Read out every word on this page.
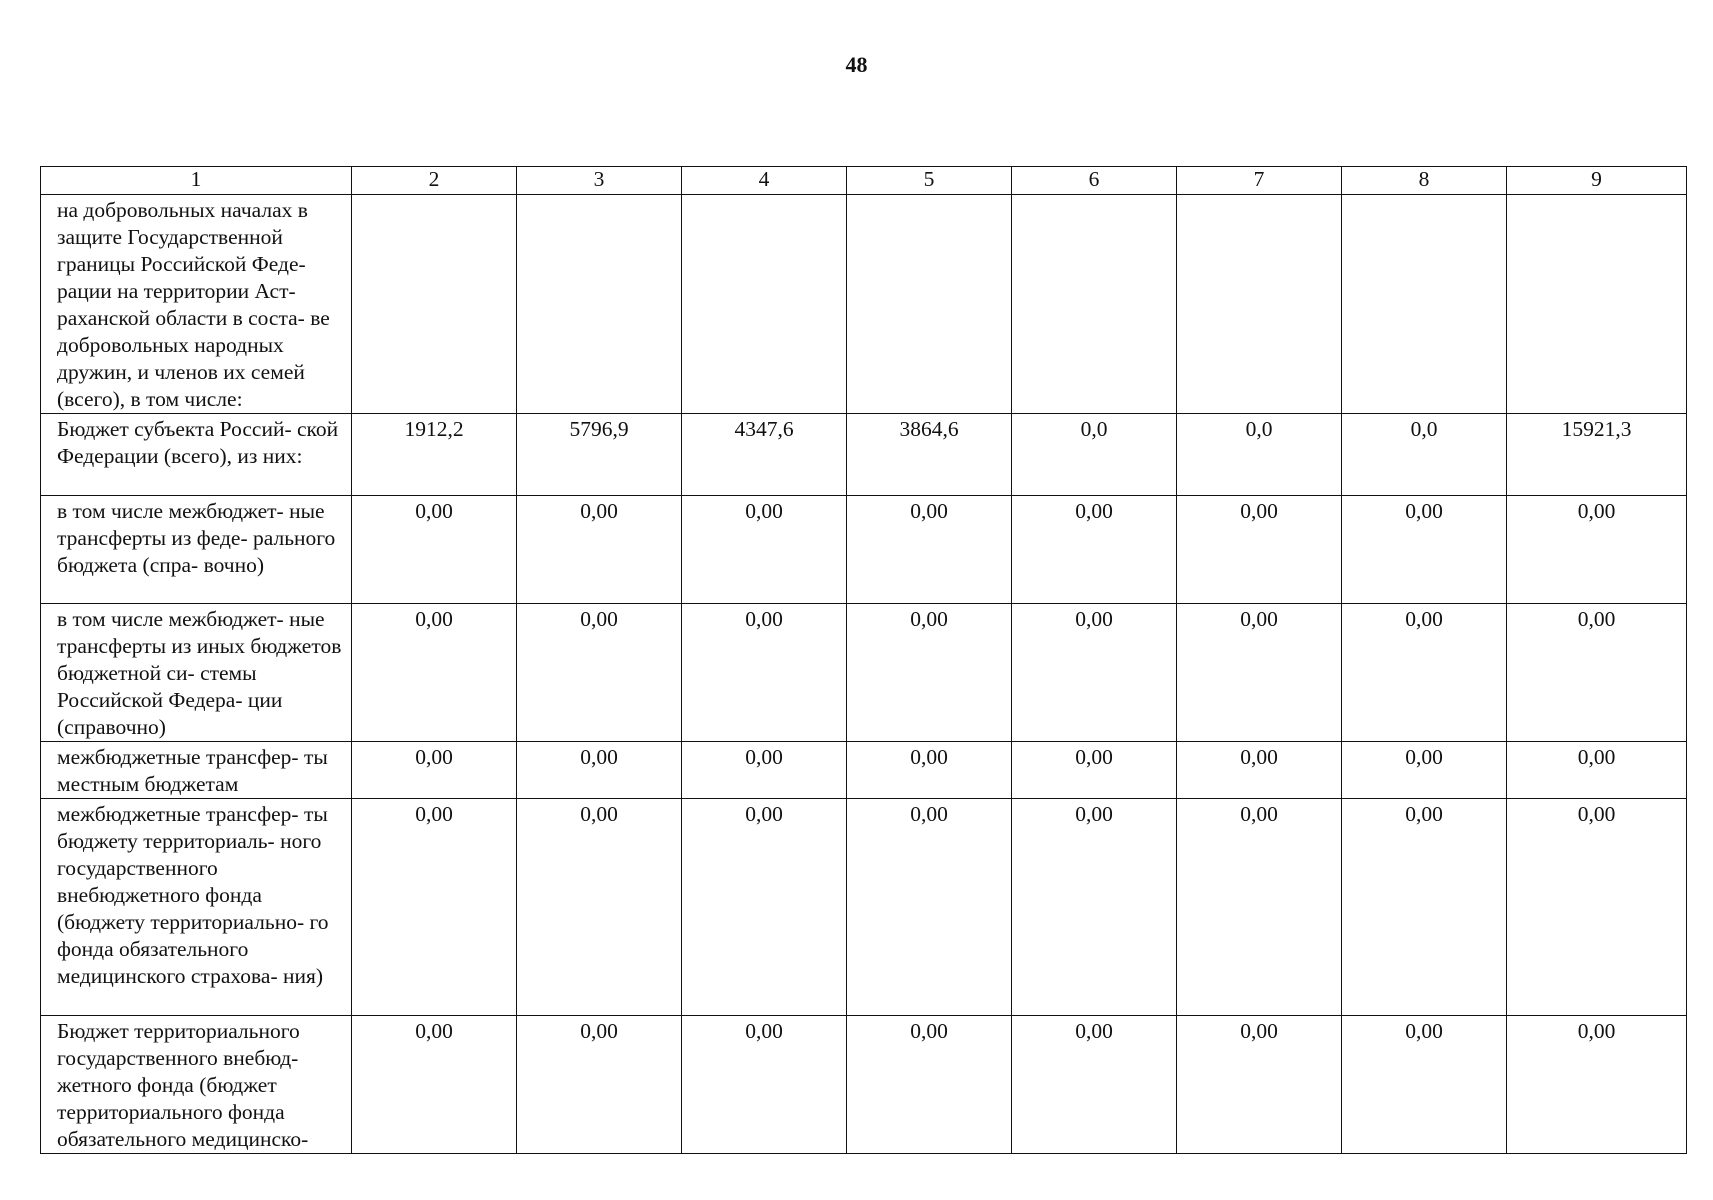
48
1	2	3	4	5	6	7	8	9
на добровольных началах в защите Государственной границы Российской Феде- рации на территории Аст- раханской области в соста- ве добровольных народных дружин, и членов их семей (всего), в том числе:								
Бюджет субъекта Россий- ской Федерации (всего), из них:	1912,2	5796,9	4347,6	3864,6	0,0	0,0	0,0	15921,3
в том числе межбюджет- ные трансферты из феде- рального бюджета (спра- вочно)	0,00	0,00	0,00	0,00	0,00	0,00	0,00	0,00
в том числе межбюджет- ные трансферты из иных бюджетов бюджетной си- стемы Российской Федера- ции (справочно)	0,00	0,00	0,00	0,00	0,00	0,00	0,00	0,00
межбюджетные трансфер- ты местным бюджетам	0,00	0,00	0,00	0,00	0,00	0,00	0,00	0,00
межбюджетные трансфер- ты бюджету территориаль- ного государственного внебюджетного фонда (бюджету территориально- го фонда обязательного медицинского страхова- ния)	0,00	0,00	0,00	0,00	0,00	0,00	0,00	0,00
Бюджет территориального государственного внебюд- жетного фонда (бюджет территориального фонда обязательного медицинско-	0,00	0,00	0,00	0,00	0,00	0,00	0,00	0,00
